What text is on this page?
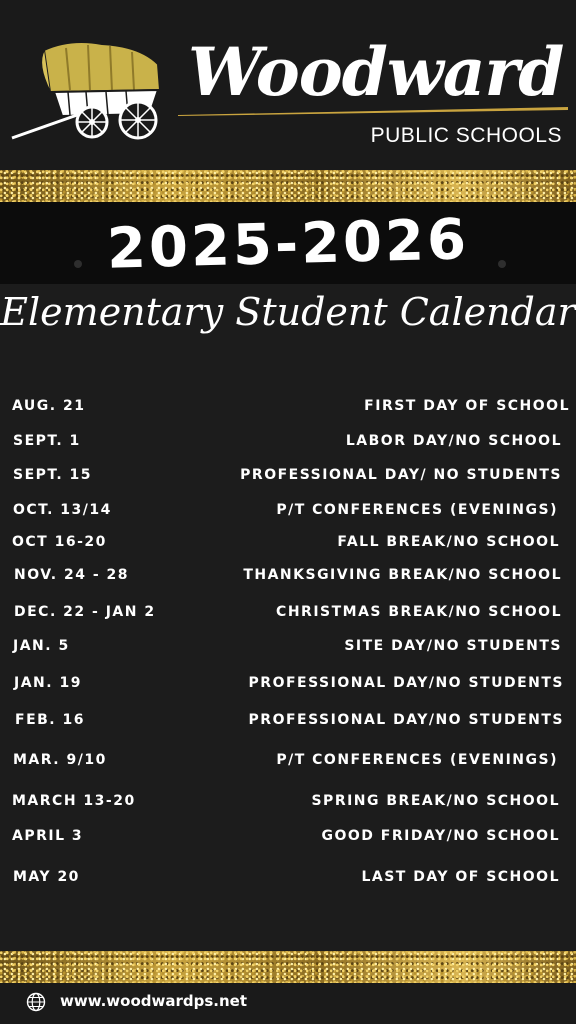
Woodward
PUBLIC SCHOOLS
2025-2026
Elementary Student Calendar
AUG. 21	FIRST DAY OF SCHOOL
SEPT. 1	LABOR DAY/NO SCHOOL
SEPT. 15	PROFESSIONAL DAY/ NO STUDENTS
OCT. 13/14	P/T CONFERENCES (EVENINGS)
OCT 16-20	FALL BREAK/NO SCHOOL
NOV. 24 - 28	THANKSGIVING BREAK/NO SCHOOL
DEC. 22 - JAN 2	CHRISTMAS BREAK/NO SCHOOL
JAN. 5	SITE DAY/NO STUDENTS
JAN. 19	PROFESSIONAL DAY/NO STUDENTS
FEB. 16	PROFESSIONAL DAY/NO STUDENTS
MAR. 9/10	P/T CONFERENCES (EVENINGS)
MARCH 13-20	SPRING BREAK/NO SCHOOL
APRIL 3	GOOD FRIDAY/NO SCHOOL
MAY 20	LAST DAY OF SCHOOL
www.woodwardps.net
